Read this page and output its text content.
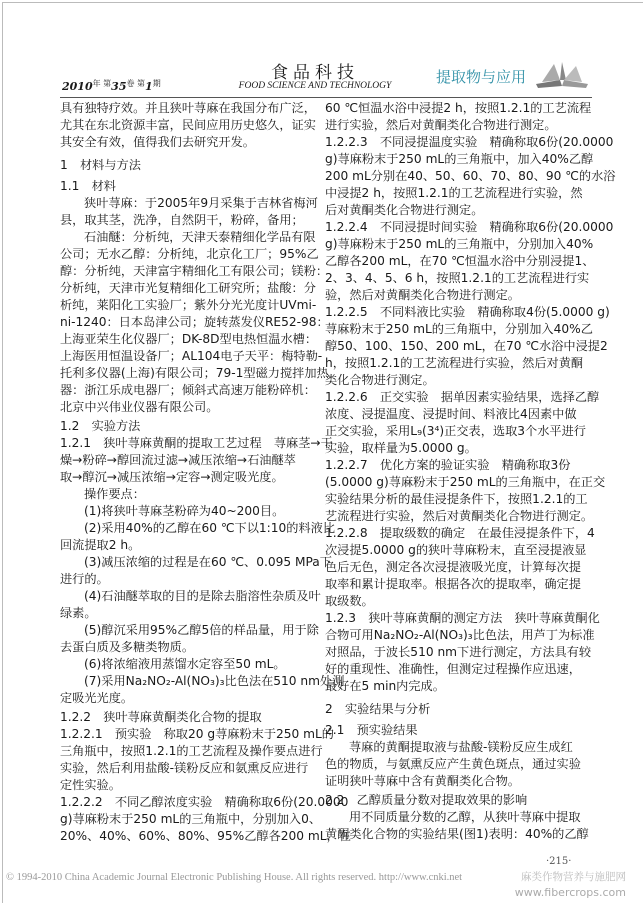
$2010^{年 第}35^{卷 第}1^期$
食品科技
FOOD SCIENCE AND TECHNOLOGY	提取物与应用
具有独特疗效。并且狭叶荨麻在我国分布广泛，
尤其在东北资源丰富，民间应用历史悠久，证实
其安全有效，值得我们去研究开发。
1　材料与方法
1.1　材料
狭叶荨麻：于2005年9月采集于吉林省梅河
县，取其茎，洗净，自然阴干，粉碎，备用；
石油醚：分析纯，天津天泰精细化学品有限
公司；无水乙醇：分析纯，北京化工厂；95%乙
醇：分析纯，天津富宇精细化工有限公司；镁粉：
分析纯，天津市光复精细化工研究所；盐酸：分
析纯，莱阳化工实验厂；紫外分光光度计UVmi-
ni-1240：日本岛津公司；旋转蒸发仪RE52-98：
上海亚荣生化仪器厂；DK-8D型电热恒温水槽：
上海医用恒温设备厂；AL104电子天平：梅特勒-
托利多仪器(上海)有限公司；79-1型磁力搅拌加热
器：浙江乐成电器厂；倾斜式高速万能粉碎机：
北京中兴伟业仪器有限公司。
1.2　实验方法
1.2.1　狭叶荨麻黄酮的提取工艺过程　荨麻茎→干
燥→粉碎→醇回流过滤→减压浓缩→石油醚萃
取→醇沉→减压浓缩→定容→测定吸光度。
操作要点：
(1)将狭叶荨麻茎粉碎为40~200目。
(2)采用40%的乙醇在60 ℃下以1:10的料液比
回流提取2 h。
(3)减压浓缩的过程是在60 ℃、0.095 MPa下
进行的。
(4)石油醚萃取的目的是除去脂溶性杂质及叶
绿素。
(5)醇沉采用95%乙醇5倍的样品量，用于除
去蛋白质及多糖类物质。
(6)将浓缩液用蒸馏水定容至50 mL。
(7)采用Na₂NO₂-Al(NO₃)₃比色法在510 nm处测
定吸光光度。
1.2.2　狭叶荨麻黄酮类化合物的提取
1.2.2.1　预实验　称取20 g荨麻粉末于250 mL的
三角瓶中，按照1.2.1的工艺流程及操作要点进行
实验，然后利用盐酸-镁粉反应和氨熏反应进行
定性实验。
1.2.2.2　不同乙醇浓度实验　精确称取6份(20.0000
g)荨麻粉末于250 mL的三角瓶中，分别加入0、
20%、40%、60%、80%、95%乙醇各200 mL，在
60 ℃恒温水浴中浸提2 h，按照1.2.1的工艺流程
进行实验，然后对黄酮类化合物进行测定。
1.2.2.3　不同浸提温度实验　精确称取6份(20.0000
g)荨麻粉末于250 mL的三角瓶中，加入40%乙醇
200 mL分别在40、50、60、70、80、90 ℃的水浴
中浸提2 h，按照1.2.1的工艺流程进行实验，然
后对黄酮类化合物进行测定。
1.2.2.4　不同浸提时间实验　精确称取6份(20.0000
g)荨麻粉末于250 mL的三角瓶中，分别加入40%
乙醇各200 mL，在70 ℃恒温水浴中分别浸提1、
2、3、4、5、6 h，按照1.2.1的工艺流程进行实
验，然后对黄酮类化合物进行测定。
1.2.2.5　不同料液比实验　精确称取4份(5.0000 g)
荨麻粉末于250 mL的三角瓶中，分别加入40%乙
醇50、100、150、200 mL，在70 ℃水浴中浸提2
h，按照1.2.1的工艺流程进行实验，然后对黄酮
类化合物进行测定。
1.2.2.6　正交实验　据单因素实验结果，选择乙醇
浓度、浸提温度、浸提时间、料液比4因素中做
正交实验，采用L₉(3⁴)正交表，选取3个水平进行
实验，取样量为5.0000 g。
1.2.2.7　优化方案的验证实验　精确称取3份
(5.0000 g)荨麻粉末于250 mL的三角瓶中，在正交
实验结果分析的最佳浸提条件下，按照1.2.1的工
艺流程进行实验，然后对黄酮类化合物进行测定。
1.2.2.8　提取级数的确定　在最佳浸提条件下，4
次浸提5.0000 g的狭叶荨麻粉末，直至浸提液显
色后无色，测定各次浸提液吸光度，计算每次提
取率和累计提取率。根据各次的提取率，确定提
取级数。
1.2.3　狭叶荨麻黄酮的测定方法　狭叶荨麻黄酮化
合物可用Na₂NO₂-Al(NO₃)₃比色法，用芦丁为标准
对照品，于波长510 nm下进行测定，方法具有较
好的重现性、准确性，但测定过程操作应迅速，
最好在5 min内完成。
2　实验结果与分析
2.1　预实验结果
荨麻的黄酮提取液与盐酸-镁粉反应生成红
色的物质，与氨熏反应产生黄色斑点，通过实验
证明狭叶荨麻中含有黄酮类化合物。
2.2　乙醇质量分数对提取效果的影响
用不同质量分数的乙醇，从狭叶荨麻中提取
黄酮类化合物的实验结果(图1)表明：40%的乙醇
·215·
© 1994-2010 China Academic Journal Electronic Publishing House. All rights reserved. http://www.cnki.net	麻类作物营养与施肥网
www.fibercrops.com
